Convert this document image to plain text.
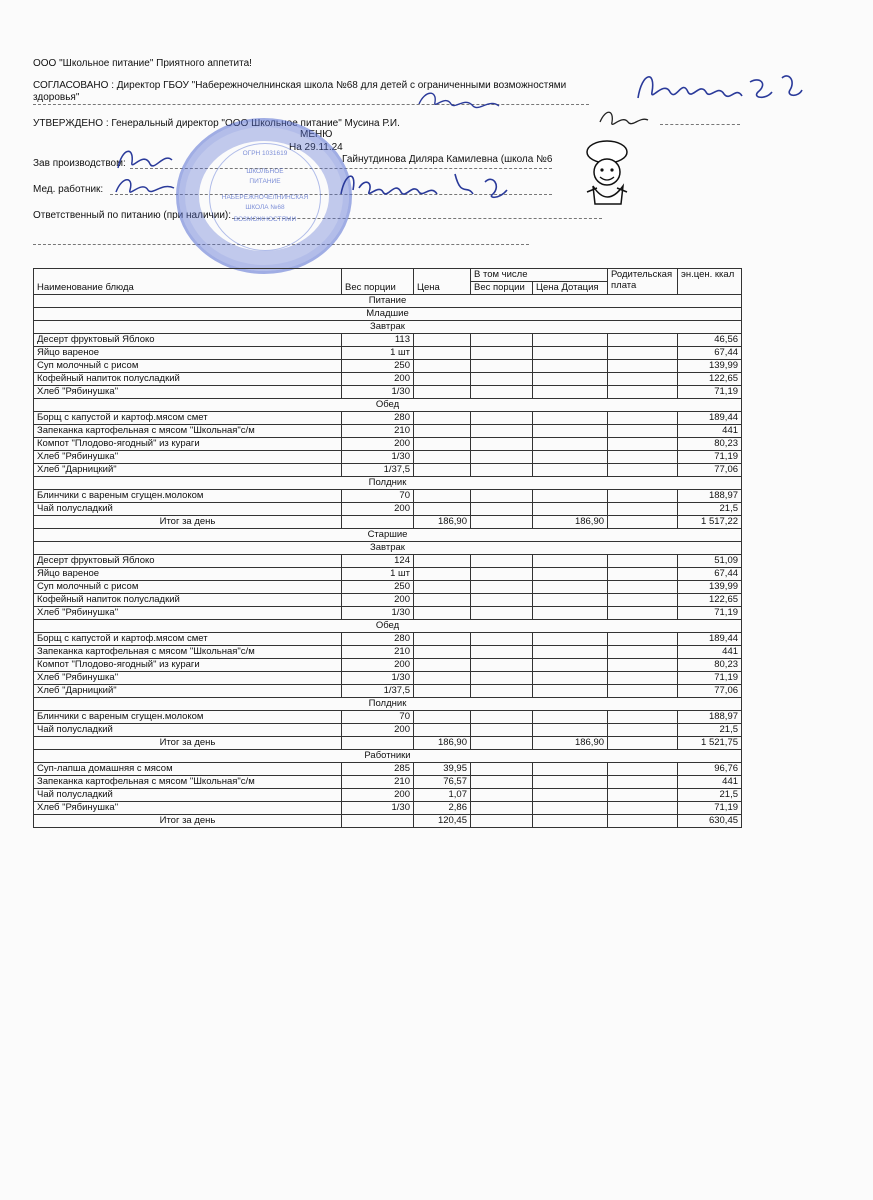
ООО "Школьное питание" Приятного аппетита!
СОГЛАСОВАНО : Директор ГБОУ "Набережночелнинская школа №68 для детей с ограниченными возможностями
здоровья"
УТВЕРЖДЕНО : Генеральный директор "ООО Школьное питание" Мусина Р.И.
МЕНЮ
На 29.11.24
Зав производством:	Гайнутдинова Диляра Камилевна (школа №6
Мед. работник:
Ответственный по питанию (при наличии):
ОГРН 1031619
ШКОЛЬНОЕ
ПИТАНИЕ
НАБЕРЕЖНОЧЕЛНИНСКАЯ
ШКОЛА №68
ВОЗМОЖНОСТЯМИ
Наименование блюда	Вес порции	Цена	В том числе		Родительская плата	эн.цен. ккал
			Вес порции	Цена Дотация		
Питание						
Младшие						
Завтрак						
Десерт фруктовый Яблоко	113					46,56
Яйцо вареное	1 шт					67,44
Суп молочный с рисом	250					139,99
Кофейный напиток полусладкий	200					122,65
Хлеб "Рябинушка"	1/30					71,19
Обед						
Борщ с капустой и картоф.мясом смет	280					189,44
Запеканка картофельная с мясом "Школьная"с/м	210					441
Компот "Плодово-ягодный" из кураги	200					80,23
Хлеб "Рябинушка"	1/30					71,19
Хлеб "Дарницкий"	1/37,5					77,06
Полдник						
Блинчики с вареным сгущен.молоком	70					188,97
Чай полусладкий	200					21,5
Итог за день		186,90		186,90		1 517,22
Старшие						
Завтрак						
Десерт фруктовый Яблоко	124					51,09
Яйцо вареное	1 шт					67,44
Суп молочный с рисом	250					139,99
Кофейный напиток полусладкий	200					122,65
Хлеб "Рябинушка"	1/30					71,19
Обед						
Борщ с капустой и картоф.мясом смет	280					189,44
Запеканка картофельная с мясом "Школьная"с/м	210					441
Компот "Плодово-ягодный" из кураги	200					80,23
Хлеб "Рябинушка"	1/30					71,19
Хлеб "Дарницкий"	1/37,5					77,06
Полдник						
Блинчики с вареным сгущен.молоком	70					188,97
Чай полусладкий	200					21,5
Итог за день		186,90		186,90		1 521,75
Работники						
Суп-лапша домашняя с мясом	285	39,95				96,76
Запеканка картофельная с мясом "Школьная"с/м	210	76,57				441
Чай полусладкий	200	1,07				21,5
Хлеб "Рябинушка"	1/30	2,86				71,19
Итог за день		120,45				630,45
